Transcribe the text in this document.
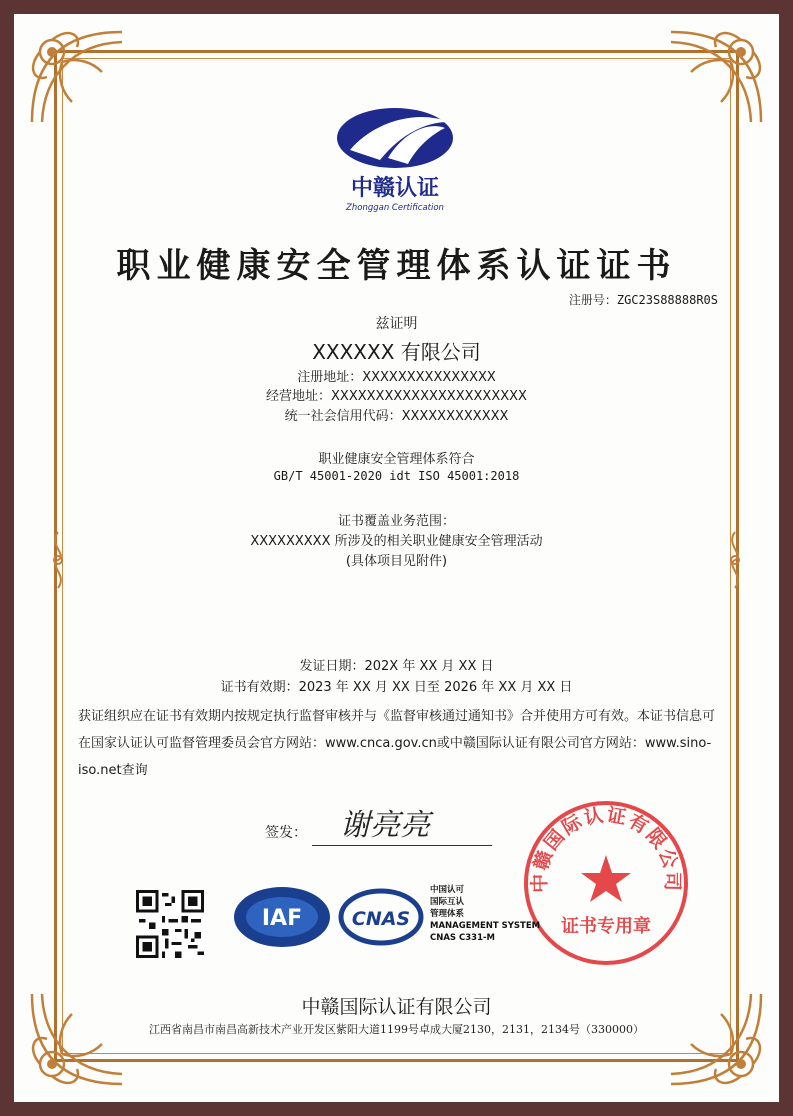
中赣认证
Zhonggan Certification
职业健康安全管理体系认证证书
注册号：ZGC23S88888R0S
兹证明
XXXXXX 有限公司
注册地址：XXXXXXXXXXXXXXX
经营地址：XXXXXXXXXXXXXXXXXXXXXX
统一社会信用代码：XXXXXXXXXXXX
职业健康安全管理体系符合
GB/T 45001-2020 idt ISO 45001:2018
证书覆盖业务范围：
XXXXXXXXX 所涉及的相关职业健康安全管理活动
(具体项目见附件)
发证日期：202X 年 XX 月 XX 日
证书有效期：2023 年 XX 月 XX 日至 2026 年 XX 月 XX 日
获证组织应在证书有效期内按规定执行监督审核并与《监督审核通过通知书》合并使用方可有效。本证书信息可在国家认证认可监督管理委员会官方网站：www.cnca.gov.cn或中赣国际认证有限公司官方网站：www.sino-iso.net查询
签发： 谢亮亮
中赣国际认证有限公司
证书专用章
IAF	CNAS
中国认可
国际互认
管理体系
MANAGEMENT SYSTEM
CNAS C331-M
中赣国际认证有限公司
江西省南昌市南昌高新技术产业开发区紫阳大道1199号卓成大厦2130，2131，2134号（330000）
